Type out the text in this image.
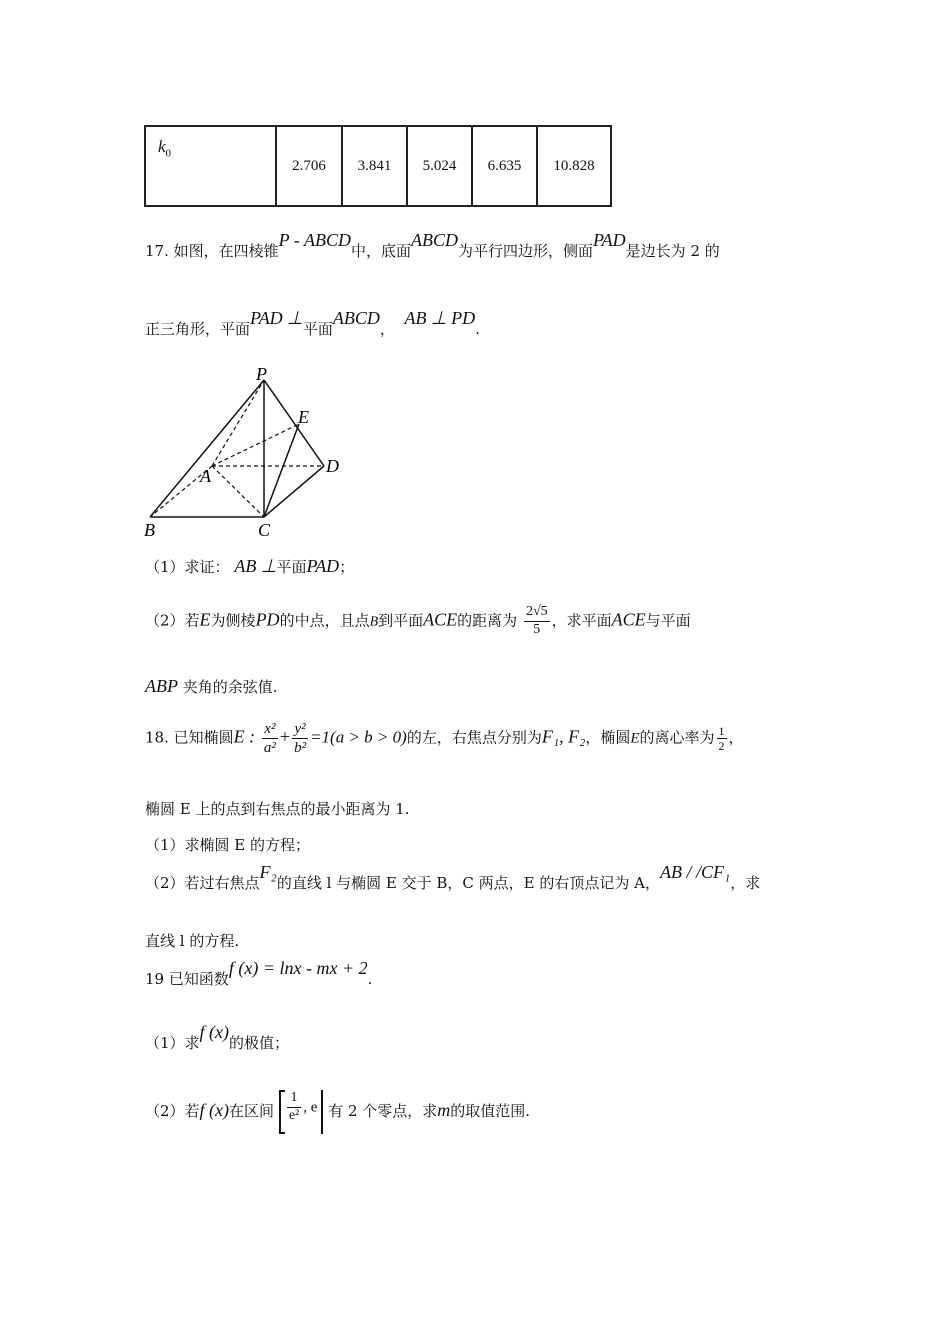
$k_0$	2.706	3.841	5.024	6.635	10.828
17. 如图，在四棱锥P - ABCD中，底面ABCD为平行四边形，侧面PAD是边长为 2 的
正三角形，平面PAD ⊥平面ABCD，  AB ⊥ PD.
P
E
A	D
B	C
（1）求证： AB ⊥平面PAD；
（2）若E为侧棱PD的中点，且点B到平面ACE的距离为 $\frac{2√5}{5}$ ，求平面ACE与平面
ABP 夹角的余弦值.
18. 已知椭圆E : $\frac{\text{x²}}{\text{a²}} + \frac{\text{y²}}{\text{b²}} =1(a > b > 0)$的左，右焦点分别为F₁, F₂，椭圆E的离心率为 $\frac{1}{2}$ ，
椭圆 E 上的点到右焦点的最小距离为 1.
（1）求椭圆 E 的方程；
（2）若过右焦点F₂的直线 l 与椭圆 E 交于 B，C 两点，E 的右顶点记为 A，AB / /CF₁，求
直线 l 的方程.
19 已知函数f (x) = lnx - mx + 2.
（1）求f (x)的极值；
（2）若f (x)在区间 $\frac{1}{\text{e²}}$ , e 有 2 个零点，求m的取值范围.
